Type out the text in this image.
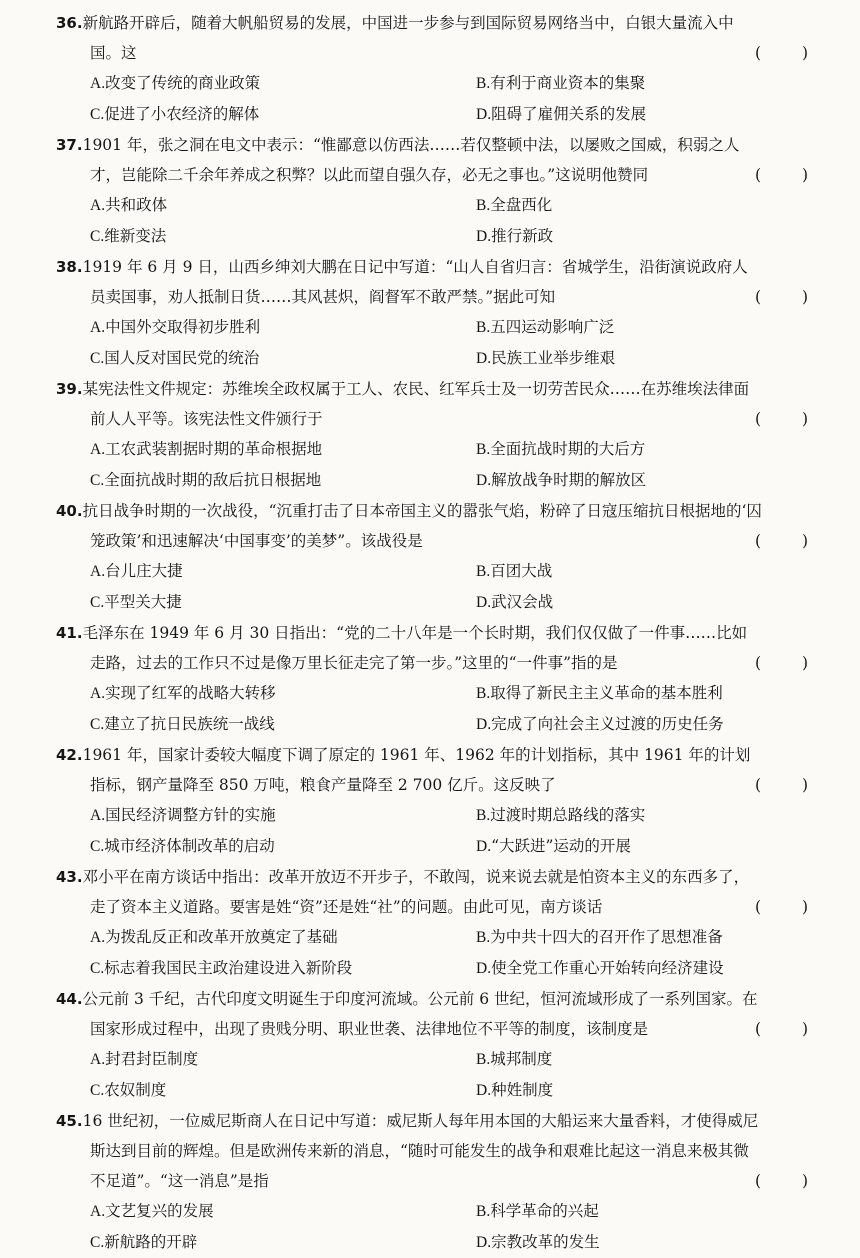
36.新航路开辟后，随着大帆船贸易的发展，中国进一步参与到国际贸易网络当中，白银大量流入中国。这	( )
A.改变了传统的商业政策	B.有利于商业资本的集聚
C.促进了小农经济的解体	D.阻碍了雇佣关系的发展
37.1901 年，张之洞在电文中表示：“惟鄙意以仿西法……若仅整顿中法，以屡败之国威，积弱之人才，岂能除二千余年养成之积弊？以此而望自强久存，必无之事也。”这说明他赞同	( )
A.共和政体	B.全盘西化
C.维新变法	D.推行新政
38.1919 年 6 月 9 日，山西乡绅刘大鹏在日记中写道：“山人自省归言：省城学生，沿街演说政府人员卖国事，劝人抵制日货……其风甚炽，阎督军不敢严禁。”据此可知	( )
A.中国外交取得初步胜利	B.五四运动影响广泛
C.国人反对国民党的统治	D.民族工业举步维艰
39.某宪法性文件规定：苏维埃全政权属于工人、农民、红军兵士及一切劳苦民众……在苏维埃法律面前人人平等。该宪法性文件颁行于	( )
A.工农武装割据时期的革命根据地	B.全面抗战时期的大后方
C.全面抗战时期的敌后抗日根据地	D.解放战争时期的解放区
40.抗日战争时期的一次战役，“沉重打击了日本帝国主义的嚣张气焰，粉碎了日寇压缩抗日根据地的‘囚笼政策’和迅速解决‘中国事变’的美梦”。该战役是	( )
A.台儿庄大捷	B.百团大战
C.平型关大捷	D.武汉会战
41.毛泽东在 1949 年 6 月 30 日指出：“党的二十八年是一个长时期，我们仅仅做了一件事……比如走路，过去的工作只不过是像万里长征走完了第一步。”这里的“一件事”指的是	( )
A.实现了红军的战略大转移	B.取得了新民主主义革命的基本胜利
C.建立了抗日民族统一战线	D.完成了向社会主义过渡的历史任务
42.1961 年，国家计委较大幅度下调了原定的 1961 年、1962 年的计划指标，其中 1961 年的计划指标，钢产量降至 850 万吨，粮食产量降至 2 700 亿斤。这反映了	( )
A.国民经济调整方针的实施	B.过渡时期总路线的落实
C.城市经济体制改革的启动	D.“大跃进”运动的开展
43.邓小平在南方谈话中指出：改革开放迈不开步子，不敢闯，说来说去就是怕资本主义的东西多了，走了资本主义道路。要害是姓“资”还是姓“社”的问题。由此可见，南方谈话	( )
A.为拨乱反正和改革开放奠定了基础	B.为中共十四大的召开作了思想准备
C.标志着我国民主政治建设进入新阶段	D.使全党工作重心开始转向经济建设
44.公元前 3 千纪，古代印度文明诞生于印度河流域。公元前 6 世纪，恒河流域形成了一系列国家。在国家形成过程中，出现了贵贱分明、职业世袭、法律地位不平等的制度，该制度是	( )
A.封君封臣制度	B.城邦制度
C.农奴制度	D.种姓制度
45.16 世纪初，一位威尼斯商人在日记中写道：威尼斯人每年用本国的大船运来大量香料，才使得威尼斯达到目前的辉煌。但是欧洲传来新的消息，“随时可能发生的战争和艰难比起这一消息来极其微不足道”。“这一消息”是指	( )
A.文艺复兴的发展	B.科学革命的兴起
C.新航路的开辟	D.宗教改革的发生
